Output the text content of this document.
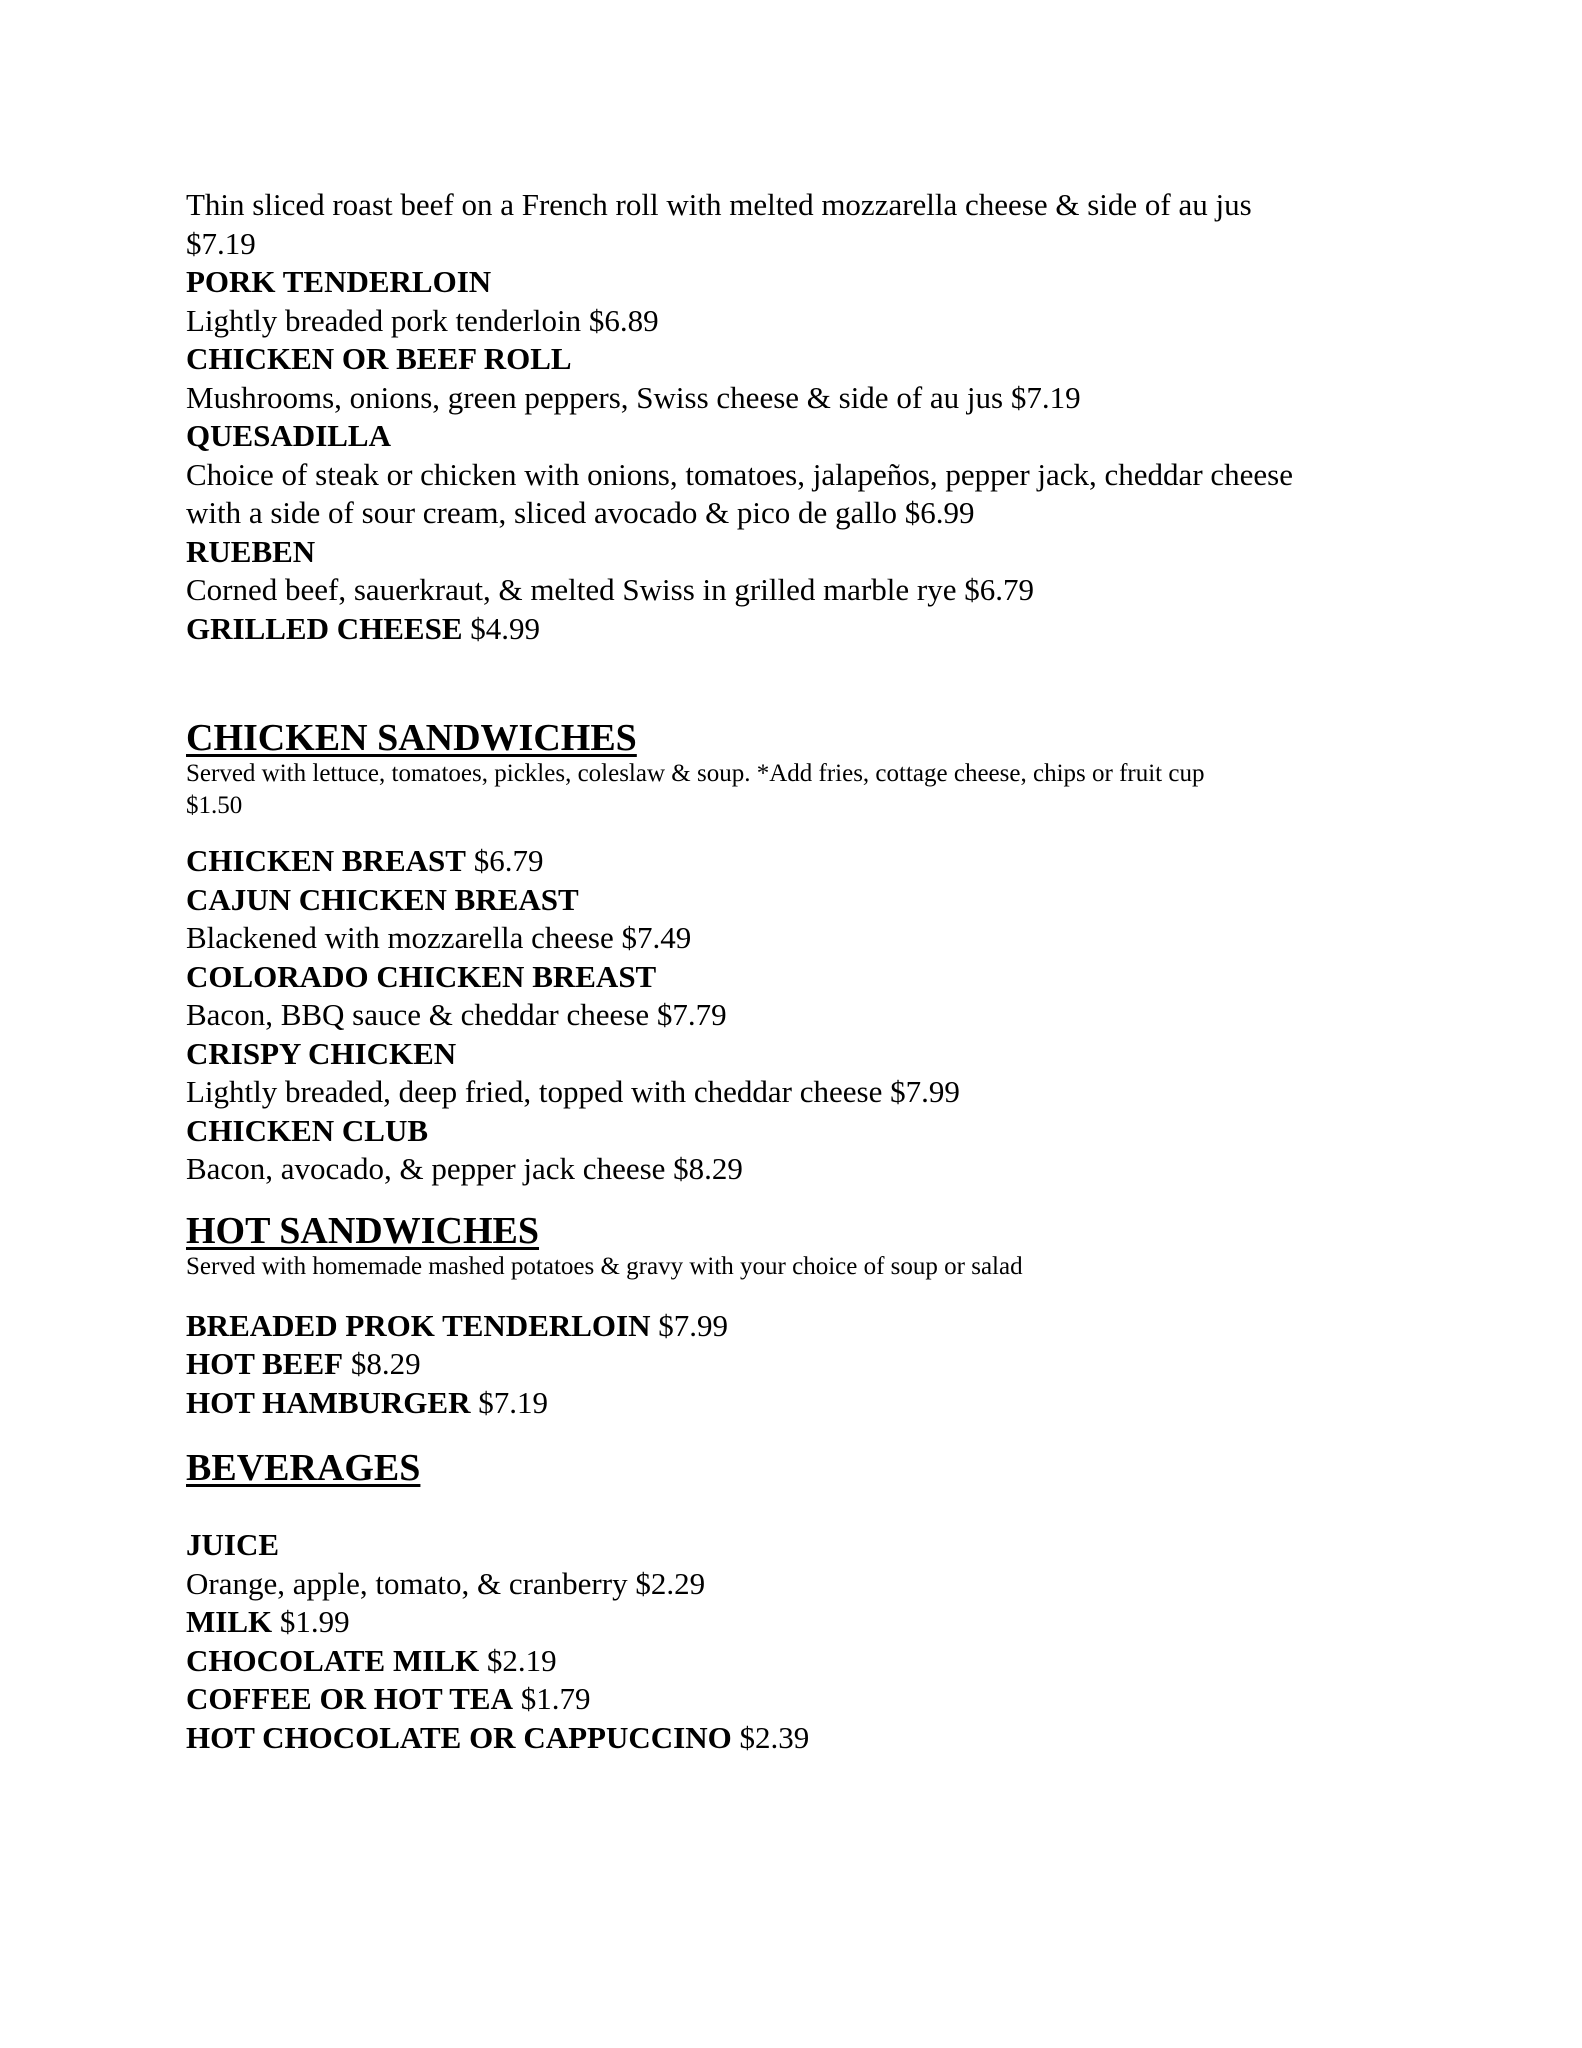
Thin sliced roast beef on a French roll with melted mozzarella cheese & side of au jus
$7.19
PORK TENDERLOIN
Lightly breaded pork tenderloin $6.89
CHICKEN OR BEEF ROLL
Mushrooms, onions, green peppers, Swiss cheese & side of au jus $7.19
QUESADILLA
Choice of steak or chicken with onions, tomatoes, jalapeños, pepper jack, cheddar cheese
with a side of sour cream, sliced avocado & pico de gallo $6.99
RUEBEN
Corned beef, sauerkraut, & melted Swiss in grilled marble rye $6.79
GRILLED CHEESE $4.99
CHICKEN SANDWICHES
Served with lettuce, tomatoes, pickles, coleslaw & soup. *Add fries, cottage cheese, chips or fruit cup
$1.50
CHICKEN BREAST $6.79
CAJUN CHICKEN BREAST
Blackened with mozzarella cheese $7.49
COLORADO CHICKEN BREAST
Bacon, BBQ sauce & cheddar cheese $7.79
CRISPY CHICKEN
Lightly breaded, deep fried, topped with cheddar cheese $7.99
CHICKEN CLUB
Bacon, avocado, & pepper jack cheese $8.29
HOT SANDWICHES
Served with homemade mashed potatoes & gravy with your choice of soup or salad
BREADED PROK TENDERLOIN $7.99
HOT BEEF $8.29
HOT HAMBURGER $7.19
BEVERAGES
JUICE
Orange, apple, tomato, & cranberry $2.29
MILK $1.99
CHOCOLATE MILK $2.19
COFFEE OR HOT TEA $1.79
HOT CHOCOLATE OR CAPPUCCINO $2.39
